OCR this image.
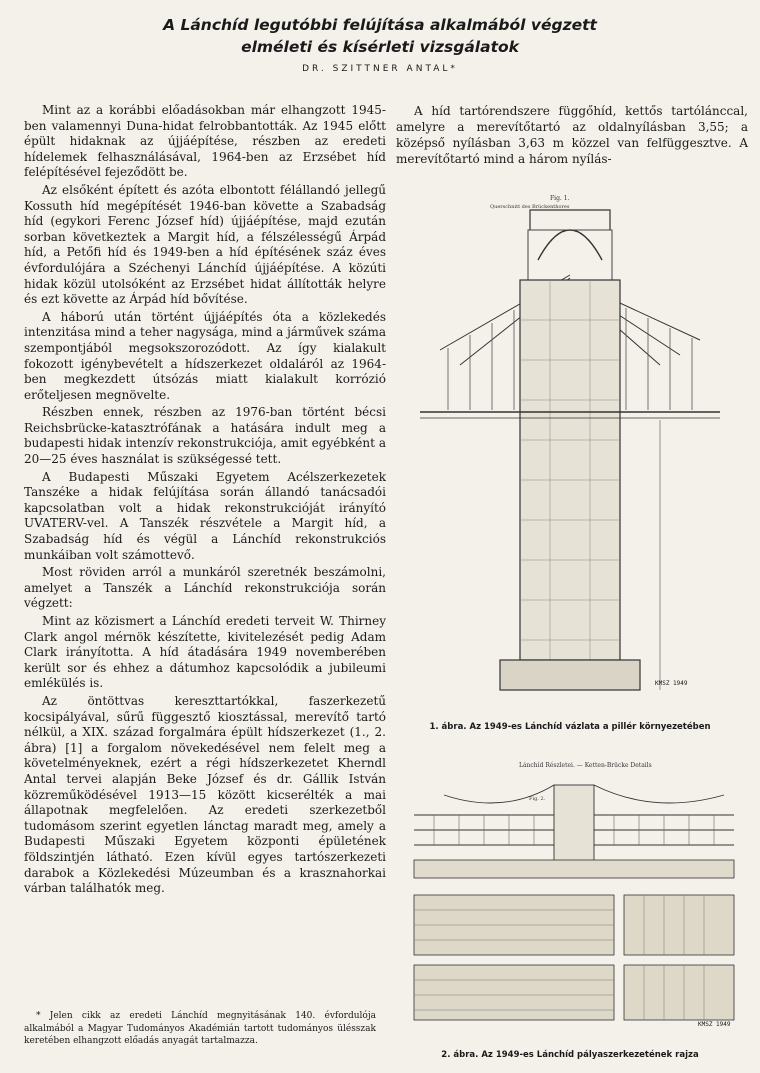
A Lánchíd legutóbbi felújítása alkalmából végzett
elméleti és kísérleti vizsgálatok
DR. SZITTNER ANTAL*

Mint az a korábbi előadásokban már elhangzott 1945-ben valamennyi Duna-hidat felrobbantották. Az 1945 előtt épült hidaknak az újjáépítése, részben az eredeti hídelemek felhasználásával, 1964-ben az Erzsébet híd felépítésével fejeződött be.

Az elsőként épített és azóta elbontott félállandó jellegű Kossuth híd megépítését 1946-ban követte a Szabadság híd (egykori Ferenc József híd) újjáépítése, majd ezután sorban következtek a Margit híd, a félszélességű Árpád híd, a Petőfi híd és 1949-ben a híd építésének száz éves évfordulójára a Széchenyi Lánchíd újjáépítése. A közúti hidak közül utolsóként az Erzsébet hidat állították helyre és ezt követte az Árpád híd bővítése.

A háború után történt újjáépítés óta a közlekedés intenzitása mind a teher nagysága, mind a járművek száma szempontjából megsokszorozódott. Az így kialakult fokozott igénybevételt a hídszerkezet oldaláról az 1964-ben megkezdett útsózás miatt kialakult korrózió erőteljesen megnövelte.

Részben ennek, részben az 1976-ban történt bécsi Reichsbrücke-katasztrófának a hatására indult meg a budapesti hidak intenzív rekonstrukciója, amit egyébként a 20—25 éves használat is szükségessé tett.

A Budapesti Műszaki Egyetem Acélszerkezetek Tanszéke a hidak felújítása során állandó tanácsadói kapcsolatban volt a hidak rekonstrukcióját irányító UVATERV-vel. A Tanszék részvétele a Margit híd, a Szabadság híd és végül a Lánchíd rekonstrukciós munkáiban volt számottevő.

Most röviden arról a munkáról szeretnék beszámolni, amelyet a Tanszék a Lánchíd rekonstrukciója során végzett:

Mint az közismert a Lánchíd eredeti terveit W. Thirney Clark angol mérnök készítette, kivitelezését pedig Adam Clark irányította. A híd átadására 1949 novemberében került sor és ehhez a dátumhoz kapcsolódik a jubileumi emlékülés is.

Az öntöttvas kereszttartókkal, faszerkezetű kocsipályával, sűrű függesztő kiosztással, merevítő tartó nélkül, a XIX. század forgalmára épült hídszerkezet (1., 2. ábra) [1] a forgalom növekedésével nem felelt meg a követelményeknek, ezért a régi hídszerkezetet Kherndl Antal tervei alapján Beke József és dr. Gállik István közreműködésével 1913—15 között kicserélték a mai állapotnak megfelelően. Az eredeti szerkezetből tudomásom szerint egyetlen lánctag maradt meg, amely a Budapesti Műszaki Egyetem központi épületének földszintjén látható. Ezen kívül egyes tartószerkezeti darabok a Közlekedési Múzeumban és a krasznahorkai várban találhatók meg.

A híd tartórendszere függőhíd, kettős tartólánccal, amelyre a merevítőtartó az oldalnyílásban 3,55; a középső nyílásban 3,63 m közzel van felfüggesztve. A merevítőtartó mind a három nyílás-

Fig. 1.
Querschnitt des Brückenthores
KMSZ 1949
1. ábra. Az 1949-es Lánchíd vázlata a pillér környezetében
Lánchíd Részletei. — Ketten-Brücke Details
Fig. 2.
KMSZ 1949
2. ábra. Az 1949-es Lánchíd pályaszerkezetének rajza

* Jelen cikk az eredeti Lánchíd megnyitásának 140. évfordulója alkalmából a Magyar Tudományos Akadémián tartott tudományos ülésszak keretében elhangzott előadás anyagát tartalmazza.
